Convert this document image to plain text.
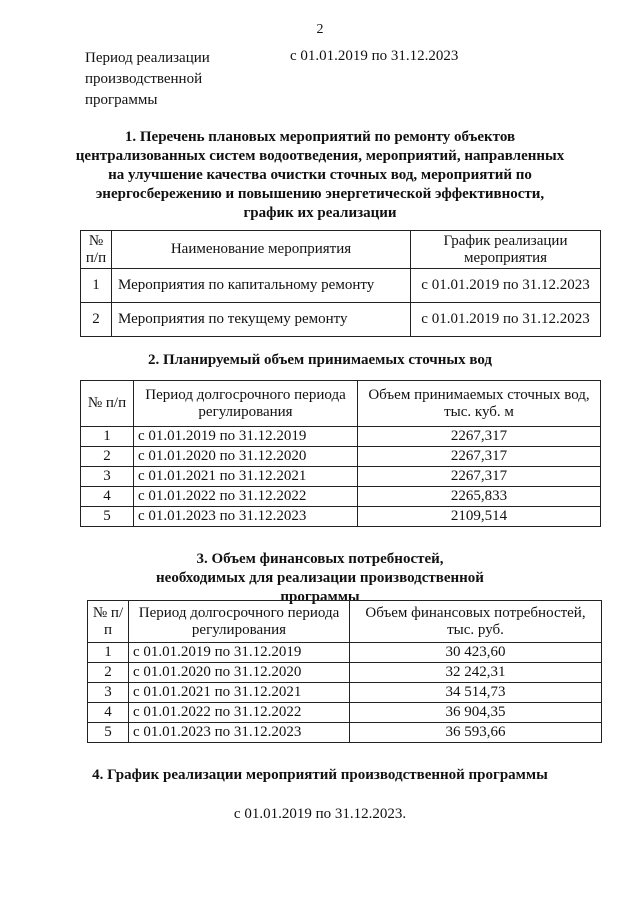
2
Период реализации производственной программы
с 01.01.2019 по 31.12.2023
1. Перечень плановых мероприятий по ремонту объектов централизованных систем водоотведения, мероприятий, направленных на улучшение качества очистки сточных вод, мероприятий по энергосбережению и повышению энергетической эффективности, график их реализации
№ п/п	Наименование мероприятия	График реализации мероприятия
1	Мероприятия по капитальному ремонту	с 01.01.2019 по 31.12.2023
2	Мероприятия по текущему ремонту	с 01.01.2019 по 31.12.2023
2. Планируемый объем принимаемых сточных вод
№ п/п	Период долгосрочного периода регулирования	Объем принимаемых сточных вод, тыс. куб. м
1	с 01.01.2019 по 31.12.2019	2267,317
2	с 01.01.2020 по 31.12.2020	2267,317
3	с 01.01.2021 по 31.12.2021	2267,317
4	с 01.01.2022 по 31.12.2022	2265,833
5	с 01.01.2023 по 31.12.2023	2109,514
3. Объем финансовых потребностей, необходимых для реализации производственной программы
№ п/п	Период долгосрочного периода регулирования	Объем финансовых потребностей, тыс. руб.
1	с 01.01.2019 по 31.12.2019	30 423,60
2	с 01.01.2020 по 31.12.2020	32 242,31
3	с 01.01.2021 по 31.12.2021	34 514,73
4	с 01.01.2022 по 31.12.2022	36 904,35
5	с 01.01.2023 по 31.12.2023	36 593,66
4. График реализации мероприятий производственной программы
с 01.01.2019 по 31.12.2023.
